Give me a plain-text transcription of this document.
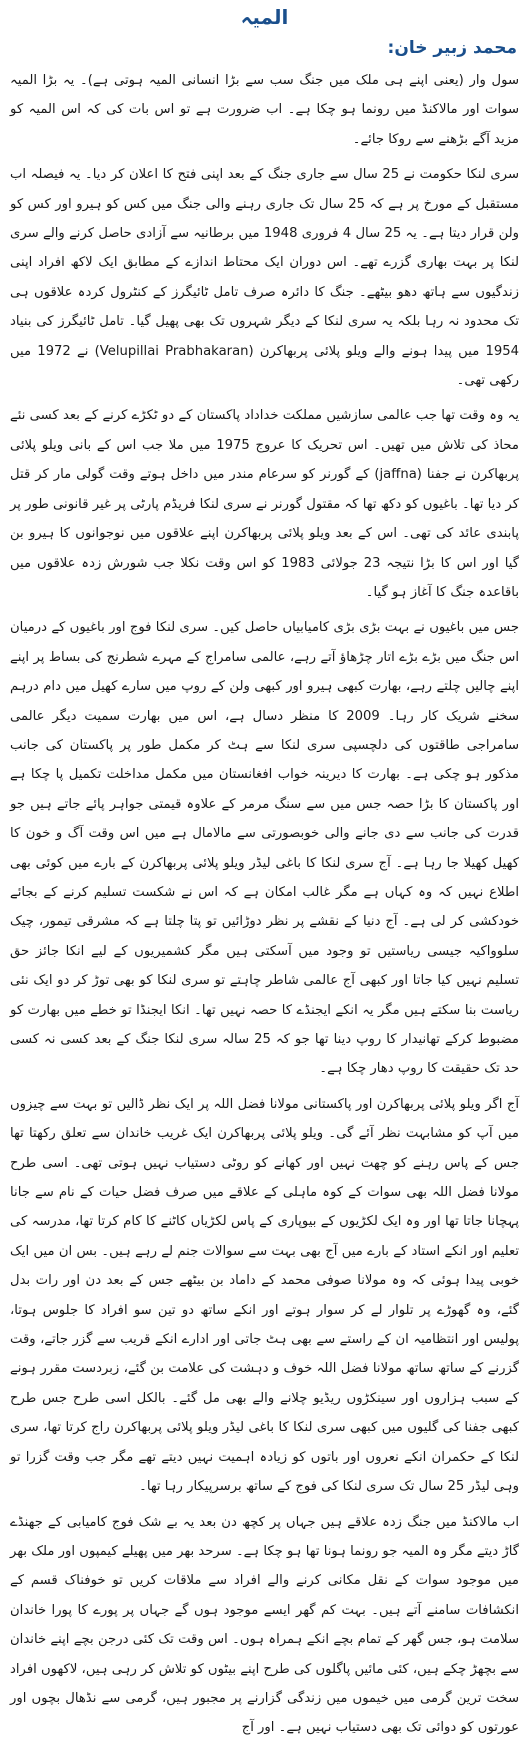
المیہ
محمد زبیر خان:

سول وار (یعنی اپنے ہی ملک میں جنگ سب سے بڑا انسانی المیہ ہوتی ہے)۔ یہ بڑا المیہ سوات اور مالاکنڈ میں رونما ہو چکا ہے۔ اب ضرورت ہے تو اس بات کی کہ اس المیہ کو مزید آگے بڑھنے سے روکا جائے۔

سری لنکا حکومت نے 25 سال سے جاری جنگ کے بعد اپنی فتح کا اعلان کر دیا۔ یہ فیصلہ اب مستقبل کے مورخ پر ہے کہ 25 سال تک جاری رہنے والی جنگ میں کس کو ہیرو اور کس کو ولن قرار دیتا ہے۔ یہ 25 سال 4 فروری 1948 میں برطانیہ سے آزادی حاصل کرنے والے سری لنکا پر بہت بھاری گزرے تھے۔ اس دوران ایک محتاط اندازے کے مطابق ایک لاکھ افراد اپنی زندگیوں سے ہاتھ دھو بیٹھے۔ جنگ کا دائرہ صرف تامل ٹائیگرز کے کنٹرول کردہ علاقوں ہی تک محدود نہ رہا بلکہ یہ سری لنکا کے دیگر شہروں تک بھی پھیل گیا۔ تامل ٹائیگرز کی بنیاد 1954 میں پیدا ہونے والے ویلو پلائی پربھاکرن (Velupillai Prabhakaran) نے 1972 میں رکھی تھی۔

یہ وہ وقت تھا جب عالمی سازشیں مملکت خداداد پاکستان کے دو ٹکڑے کرنے کے بعد کسی نئے محاذ کی تلاش میں تھیں۔ اس تحریک کا عروج 1975 میں ملا جب اس کے بانی ویلو پلائی پربھاکرن نے جفنا (jaffna) کے گورنر کو سرعام مندر میں داخل ہوتے وقت گولی مار کر قتل کر دیا تھا۔ باغیوں کو دکھ تھا کہ مقتول گورنر نے سری لنکا فریڈم پارٹی پر غیر قانونی طور پر پابندی عائد کی تھی۔ اس کے بعد ویلو پلائی پربھاکرن اپنے علاقوں میں نوجوانوں کا ہیرو بن گیا اور اس کا بڑا نتیجہ 23 جولائی 1983 کو اس وقت نکلا جب شورش زدہ علاقوں میں باقاعدہ جنگ کا آغاز ہو گیا۔

جس میں باغیوں نے بہت بڑی بڑی کامیابیاں حاصل کیں۔ سری لنکا فوج اور باغیوں کے درمیان اس جنگ میں بڑے بڑے اتار چڑھاؤ آتے رہے، عالمی سامراج کے مہرے شطرنج کی بساط پر اپنے اپنے چالیں چلتے رہے، بھارت کبھی ہیرو اور کبھی ولن کے روپ میں سارے کھیل میں دام درہم سخنے شریک کار رہا۔ 2009 کا منظر دسال ہے، اس میں بھارت سمیت دیگر عالمی سامراجی طاقتوں کی دلچسپی سری لنکا سے ہٹ کر مکمل طور پر پاکستان کی جانب مذکور ہو چکی ہے۔ بھارت کا دیرینہ خواب افغانستان میں مکمل مداخلت تکمیل پا چکا ہے اور پاکستان کا بڑا حصہ جس میں سے سنگ مرمر کے علاوہ قیمتی جواہر پائے جاتے ہیں جو قدرت کی جانب سے دی جانے والی خوبصورتی سے مالامال ہے میں اس وقت آگ و خون کا کھیل کھیلا جا رہا ہے۔ آج سری لنکا کا باغی لیڈر ویلو پلائی پربھاکرن کے بارے میں کوئی بھی اطلاع نہیں کہ وہ کہاں ہے مگر غالب امکان ہے کہ اس نے شکست تسلیم کرنے کے بجائے خودکشی کر لی ہے۔ آج دنیا کے نقشے پر نظر دوڑائیں تو پتا چلتا ہے کہ مشرقی تیمور، چیک سلوواکیہ جیسی ریاستیں تو وجود میں آسکتی ہیں مگر کشمیریوں کے لیے انکا جائز حق تسلیم نہیں کیا جاتا اور کبھی آج عالمی شاطر چاہتے تو سری لنکا کو بھی توڑ کر دو ایک نئی ریاست بنا سکتے ہیں مگر یہ انکے ایجنڈے کا حصہ نہیں تھا۔ انکا ایجنڈا تو خطے میں بھارت کو مضبوط کرکے تھانیدار کا روپ دینا تھا جو کہ 25 سالہ سری لنکا جنگ کے بعد کسی نہ کسی حد تک حقیقت کا روپ دھار چکا ہے۔

آج اگر ویلو پلائی پربھاکرن اور پاکستانی مولانا فضل اللہ پر ایک نظر ڈالیں تو بہت سے چیزوں میں آپ کو مشابہت نظر آئے گی۔ ویلو پلائی پربھاکرن ایک غریب خاندان سے تعلق رکھتا تھا جس کے پاس رہنے کو چھت نہیں اور کھانے کو روٹی دستیاب نہیں ہوتی تھی۔ اسی طرح مولانا فضل اللہ بھی سوات کے کوہ ماہلی کے علاقے میں صرف فضل حیات کے نام سے جانا پہچانا جاتا تھا اور وہ ایک لکڑیوں کے بیوپاری کے پاس لکڑیاں کاٹنے کا کام کرتا تھا، مدرسہ کی تعلیم اور انکے استاد کے بارے میں آج بھی بہت سے سوالات جنم لے رہے ہیں۔ بس ان میں ایک خوبی پیدا ہوئی کہ وہ مولانا صوفی محمد کے داماد بن بیٹھے جس کے بعد دن اور رات بدل گئے، وہ گھوڑے پر تلوار لے کر سوار ہوتے اور انکے ساتھ دو تین سو افراد کا جلوس ہوتا، پولیس اور انتظامیہ ان کے راستے سے بھی ہٹ جاتی اور ادارے انکے قریب سے گزر جاتے، وقت گزرنے کے ساتھ ساتھ مولانا فضل اللہ خوف و دہشت کی علامت بن گئے، زبردست مقرر ہونے کے سبب ہزاروں اور سینکڑوں ریڈیو چلانے والے بھی مل گئے۔ بالکل اسی طرح جس طرح کبھی جفنا کی گلیوں میں کبھی سری لنکا کا باغی لیڈر ویلو پلائی پربھاکرن راج کرتا تھا، سری لنکا کے حکمران انکے نعروں اور باتوں کو زیادہ اہمیت نہیں دیتے تھے مگر جب وقت گزرا تو وہی لیڈر 25 سال تک سری لنکا کی فوج کے ساتھ برسرپیکار رہا تھا۔

اب مالاکنڈ میں جنگ زدہ علاقے ہیں جہاں پر کچھ دن بعد یہ بے شک فوج کامیابی کے جھنڈے گاڑ دیتے مگر وہ المیہ جو رونما ہونا تھا ہو چکا ہے۔ سرحد بھر میں پھیلے کیمپوں اور ملک بھر میں موجود سوات کے نقل مکانی کرنے والے افراد سے ملاقات کریں تو خوفناک قسم کے انکشافات سامنے آتے ہیں۔ بہت کم گھر ایسے موجود ہوں گے جہاں پر پورے کا پورا خاندان سلامت ہو، جس گھر کے تمام بچے انکے ہمراہ ہوں۔ اس وقت تک کئی درجن بچے اپنے خاندان سے بچھڑ چکے ہیں، کئی مائیں پاگلوں کی طرح اپنے بیٹوں کو تلاش کر رہی ہیں، لاکھوں افراد سخت ترین گرمی میں خیموں میں زندگی گزارنے پر مجبور ہیں، گرمی سے نڈھال بچوں اور عورتوں کو دوائی تک بھی دستیاب نہیں ہے۔ اور آج
